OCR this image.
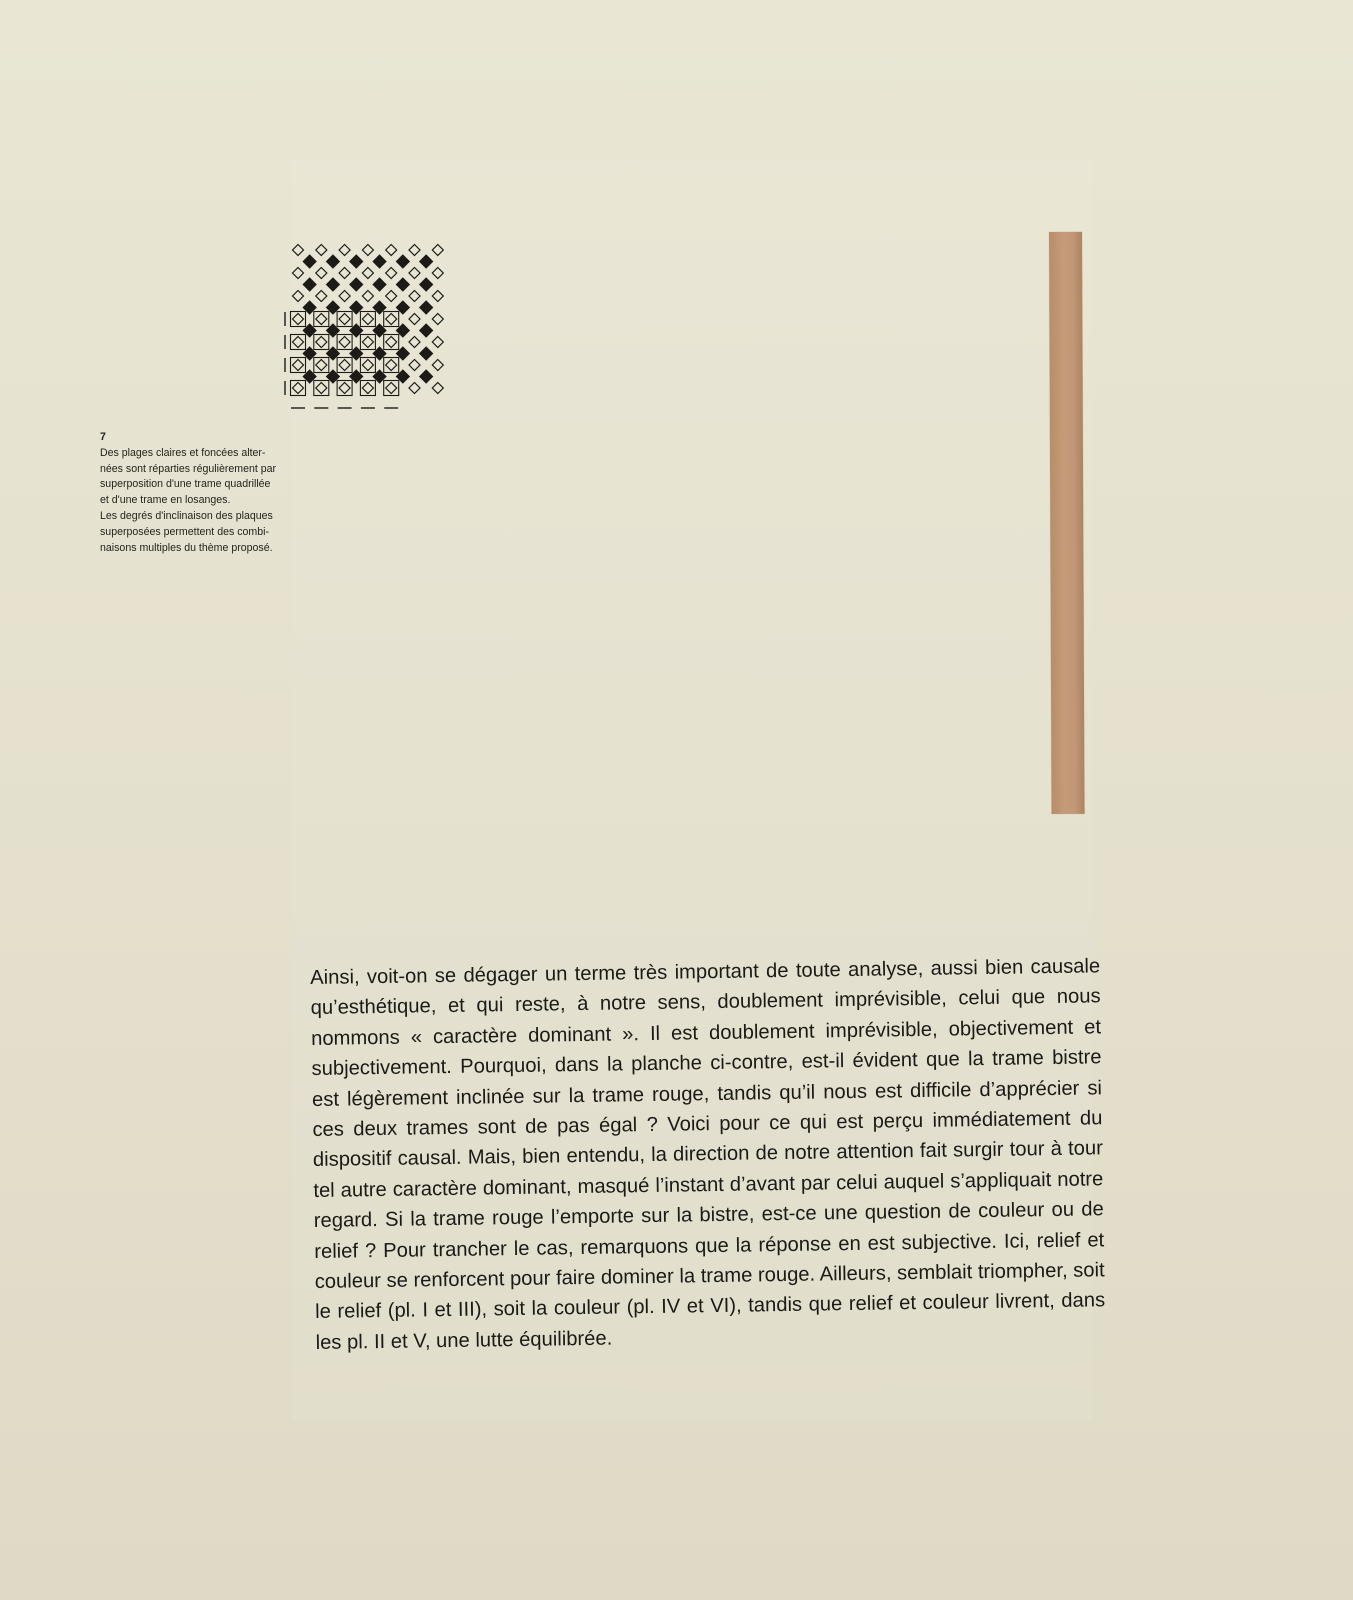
7

Des plages claires et foncées alter-

nées sont réparties régulièrement par

superposition d'une trame quadrillée

et d'une trame en losanges.

Les degrés d'inclinaison des plaques

superposées permettent des combi-

naisons multiples du thème proposé.

Ainsi, voit-on se dégager un terme très important de toute analyse, aussi bien causale qu’esthétique, et qui reste, à notre sens, doublement imprévisible, celui que nous nommons « caractère dominant ». Il est doublement imprévisible, objectivement et subjectivement. Pourquoi, dans la planche ci-contre, est-il évident que la trame bistre est légèrement inclinée sur la trame rouge, tandis qu’il nous est difficile d’apprécier si ces deux trames sont de pas égal ? Voici pour ce qui est perçu immédiatement du dispositif causal. Mais, bien entendu, la direction de notre attention fait surgir tour à tour tel autre caractère dominant, masqué l’instant d’avant par celui auquel s’appliquait notre regard. Si la trame rouge l’emporte sur la bistre, est-ce une question de couleur ou de relief ? Pour trancher le cas, remarquons que la réponse en est subjective. Ici, relief et couleur se renforcent pour faire dominer la trame rouge. Ailleurs, semblait triompher, soit le relief (pl. I et III), soit la couleur (pl. IV et VI), tandis que relief et couleur livrent, dans les pl. II et V, une lutte équilibrée.
